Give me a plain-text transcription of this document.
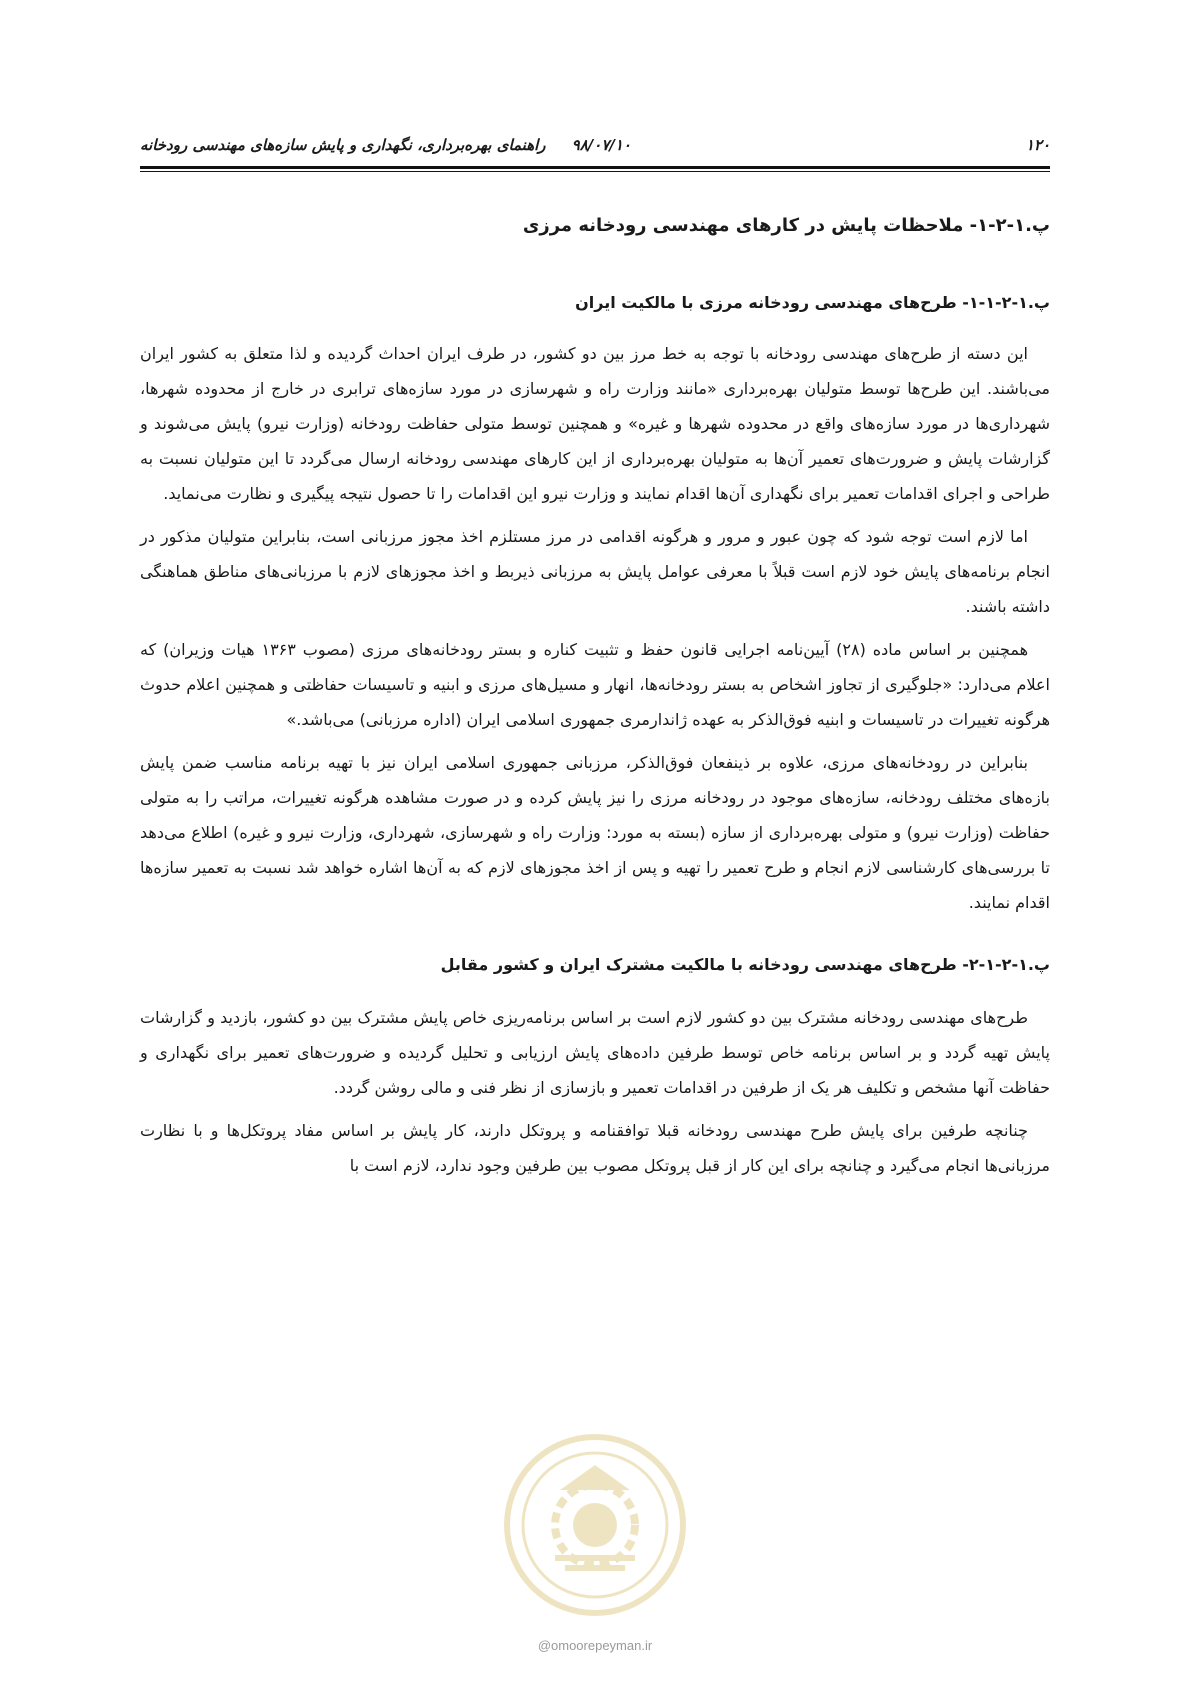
۱۲۰
۹۸/۰۷/۱۰     راهنمای بهره‌برداری، نگهداری و پایش سازه‌های مهندسی رودخانه
پ.۱-۲-۱- ملاحظات پایش در کارهای مهندسی رودخانه مرزی
پ.۱-۲-۱-۱- طرح‌های مهندسی رودخانه مرزی با مالکیت ایران

این دسته از طرح‌های مهندسی رودخانه با توجه به خط مرز بین دو کشور، در طرف ایران احداث گردیده و لذا متعلق به کشور ایران می‌باشند. این طرح‌ها توسط متولیان بهره‌برداری «مانند وزارت راه و شهرسازی در مورد سازه‌های ترابری در خارج از محدوده شهرها، شهرداری‌ها در مورد سازه‌های واقع در محدوده شهرها و غیره» و همچنین توسط متولی حفاظت رودخانه (وزارت نیرو) پایش می‌شوند و گزارشات پایش و ضرورت‌های تعمیر آن‌ها به متولیان بهره‌برداری از این کارهای مهندسی رودخانه ارسال می‌گردد تا این متولیان نسبت به طراحی و اجرای اقدامات تعمیر برای نگهداری آن‌ها اقدام نمایند و وزارت نیرو این اقدامات را تا حصول نتیجه پیگیری و نظارت می‌نماید.

اما لازم است توجه شود که چون عبور و مرور و هرگونه اقدامی در مرز مستلزم اخذ مجوز مرزبانی است، بنابراین متولیان مذکور در انجام برنامه‌های پایش خود لازم است قبلاً با معرفی عوامل پایش به مرزبانی ذیربط و اخذ مجوزهای لازم با مرزبانی‌های مناطق هماهنگی داشته باشند.

همچنین بر اساس ماده (۲۸) آیین‌نامه اجرایی قانون حفظ و تثبیت کناره و بستر رودخانه‌های مرزی (مصوب ۱۳۶۳ هیات وزیران) که اعلام می‌دارد: «جلوگیری از تجاوز اشخاص به بستر رودخانه‌ها، انهار و مسیل‌های مرزی و ابنیه و تاسیسات حفاظتی و همچنین اعلام حدوث هرگونه تغییرات در تاسیسات و ابنیه فوق‌الذکر به عهده ژاندارمری جمهوری اسلامی ایران (اداره مرزبانی) می‌باشد.»

بنابراین در رودخانه‌های مرزی، علاوه بر ذینفعان فوق‌الذکر، مرزبانی جمهوری اسلامی ایران نیز با تهیه برنامه مناسب ضمن پایش بازه‌های مختلف رودخانه، سازه‌های موجود در رودخانه مرزی را نیز پایش کرده و در صورت مشاهده هرگونه تغییرات، مراتب را به متولی حفاظت (وزارت نیرو) و متولی بهره‌برداری از سازه (بسته به مورد: وزارت راه و شهرسازی، شهرداری، وزارت نیرو و غیره) اطلاع می‌دهد تا بررسی‌های کارشناسی لازم انجام و طرح تعمیر را تهیه و پس از اخذ مجوزهای لازم که به آن‌ها اشاره خواهد شد نسبت به تعمیر سازه‌ها اقدام نمایند.

پ.۱-۲-۱-۲- طرح‌های مهندسی رودخانه با مالکیت مشترک ایران و کشور مقابل

طرح‌های مهندسی رودخانه مشترک بین دو کشور لازم است بر اساس برنامه‌ریزی خاص پایش مشترک بین دو کشور، بازدید و گزارشات پایش تهیه گردد و بر اساس برنامه خاص توسط طرفین داده‌های پایش ارزیابی و تحلیل گردیده و ضرورت‌های تعمیر برای نگهداری و حفاظت آنها مشخص و تکلیف هر یک از طرفین در اقدامات تعمیر و بازسازی از نظر فنی و مالی روشن گردد.

چنانچه طرفین برای پایش طرح مهندسی رودخانه قبلا توافقنامه و پروتکل دارند، کار پایش بر اساس مفاد پروتکل‌ها و با نظارت مرزبانی‌ها انجام می‌گیرد و چنانچه برای این کار از قبل پروتکل مصوب بین طرفین وجود ندارد، لازم است با

@omoorepeyman.ir
